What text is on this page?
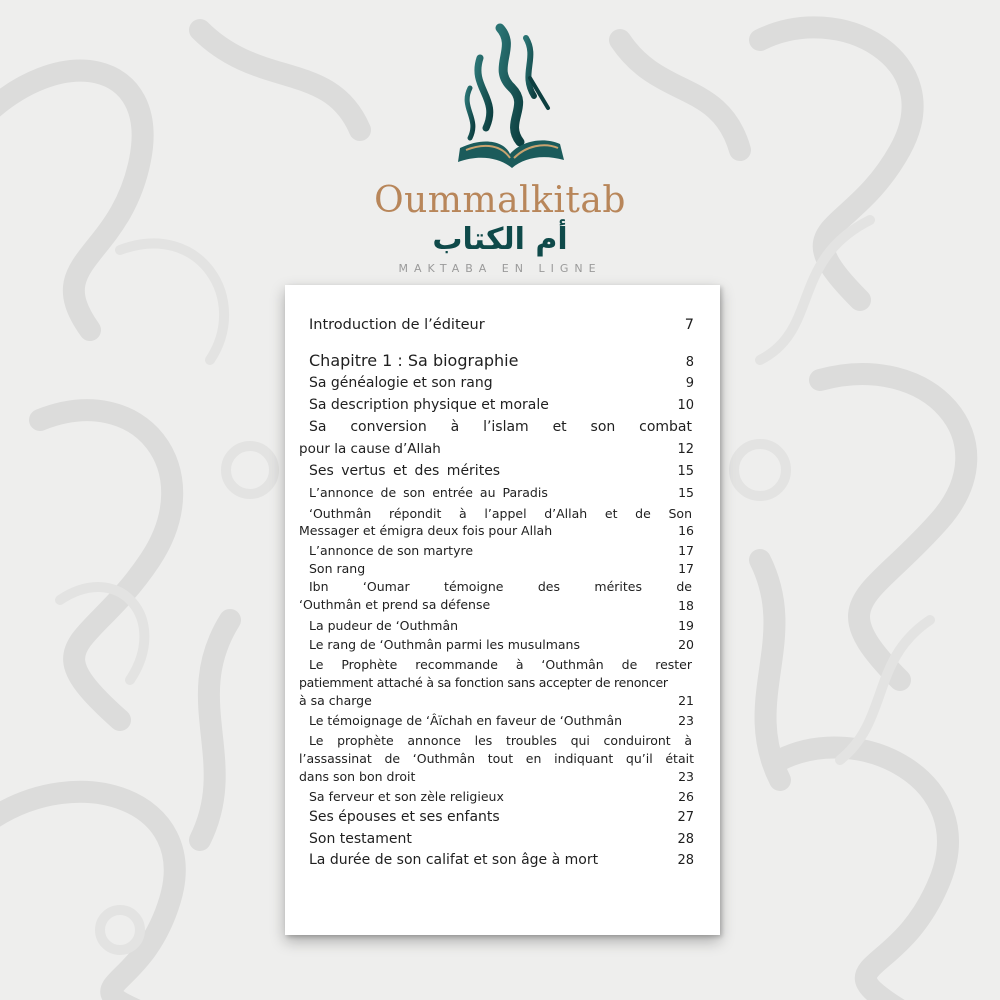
Oummalkitab
أم الكتاب
MAKTABA EN LIGNE
Introduction de l’éditeur	7
Chapitre 1 : Sa biographie	8
Sa généalogie et son rang	9
Sa description physique et morale	10
Sa conversion à l’islam et son combat
pour la cause d’Allah	12
Ses vertus et des mérites	15
L’annonce de son entrée au Paradis	15
‘Outhmân répondit à l’appel d’Allah et de Son
Messager et émigra deux fois pour Allah	16
L’annonce de son martyre	17
Son rang	17
Ibn ‘Oumar témoigne des mérites de
‘Outhmân et prend sa défense	18
La pudeur de ‘Outhmân	19
Le rang de ‘Outhmân parmi les musulmans	20
Le Prophète recommande à ‘Outhmân de rester
patiemment attaché à sa fonction sans accepter de renoncer
à sa charge	21
Le témoignage de ‘Âïchah en faveur de ‘Outhmân	23
Le prophète annonce les troubles qui conduiront à
l’assassinat de ‘Outhmân tout en indiquant qu’il était
dans son bon droit	23
Sa ferveur et son zèle religieux	26
Ses épouses et ses enfants	27
Son testament	28
La durée de son califat et son âge à mort	28
